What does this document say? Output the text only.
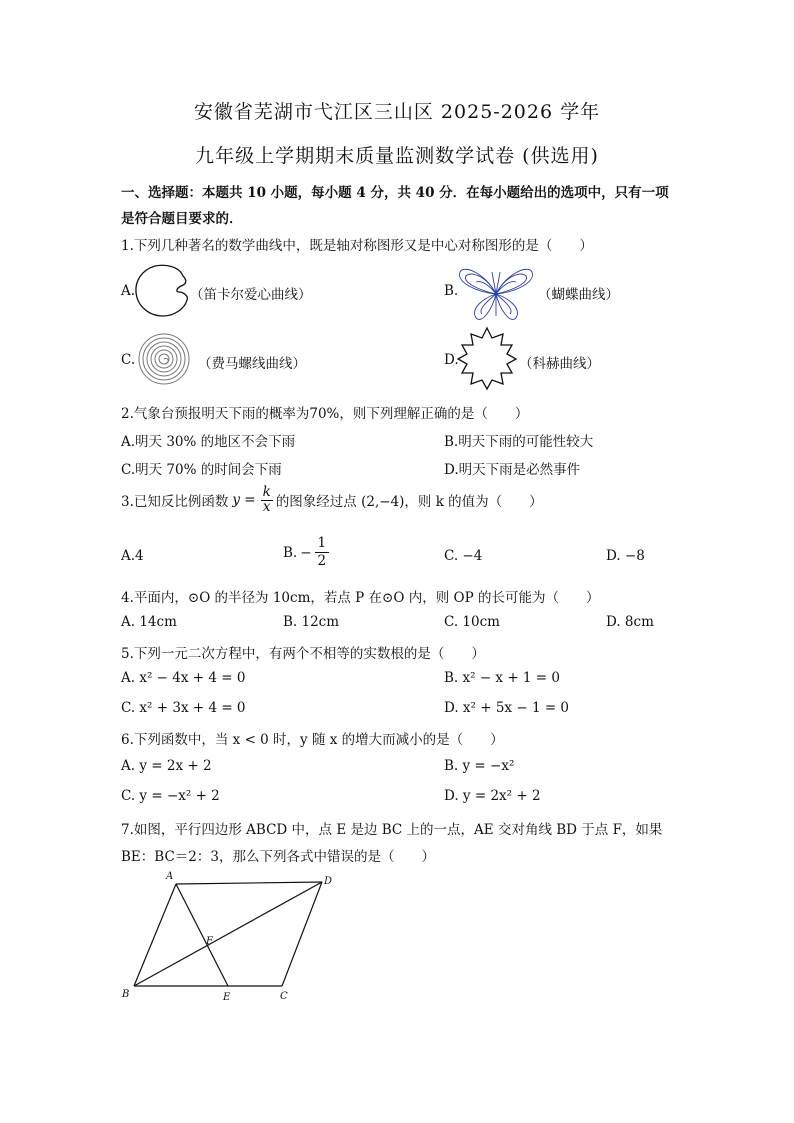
安徽省芜湖市弋江区三山区 2025-2026 学年
九年级上学期期末质量监测数学试卷 (供选用)
一、选择题：本题共 10 小题，每小题 4 分，共 40 分．在每小题给出的选项中，只有一项
是符合题目要求的．
1.下列几种著名的数学曲线中，既是轴对称图形又是中心对称图形的是（　　）
A.	（笛卡尔爱心曲线）	B.	（蝴蝶曲线）
C.	（费马螺线曲线）	D.	（科赫曲线）
2.气象台预报明天下雨的概率为70%，则下列理解正确的是（　　）
A.明天 30% 的地区不会下雨	B.明天下雨的可能性较大
C.明天 70% 的时间会下雨	D.明天下雨是必然事件
3.已知反比例函数 $y = \frac{k}{x}$ 的图象经过点 (2,−4)，则 k 的值为（　　）
A.4	B. − $\frac{1}{2}$	C. −4	D. −8
4.平面内，⊙O 的半径为 10cm，若点 P 在⊙O 内，则 OP 的长可能为（　　）
A. 14cm	B. 12cm	C. 10cm	D. 8cm
5.下列一元二次方程中，有两个不相等的实数根的是（　　）
A. x² − 4x + 4 = 0	B. x² − x + 1 = 0
C. x² + 3x + 4 = 0	D. x² + 5x − 1 = 0
6.下列函数中，当 x < 0 时，y 随 x 的增大而减小的是（　　）
A. y = 2x + 2	B. y = −x²
C. y = −x² + 2	D. y = 2x² + 2
7.如图，平行四边形 ABCD 中，点 E 是边 BC 上的一点，AE 交对角线 BD 于点 F，如果
BE：BC＝2：3，那么下列各式中错误的是（　　）
A
B	C
D
E
F
